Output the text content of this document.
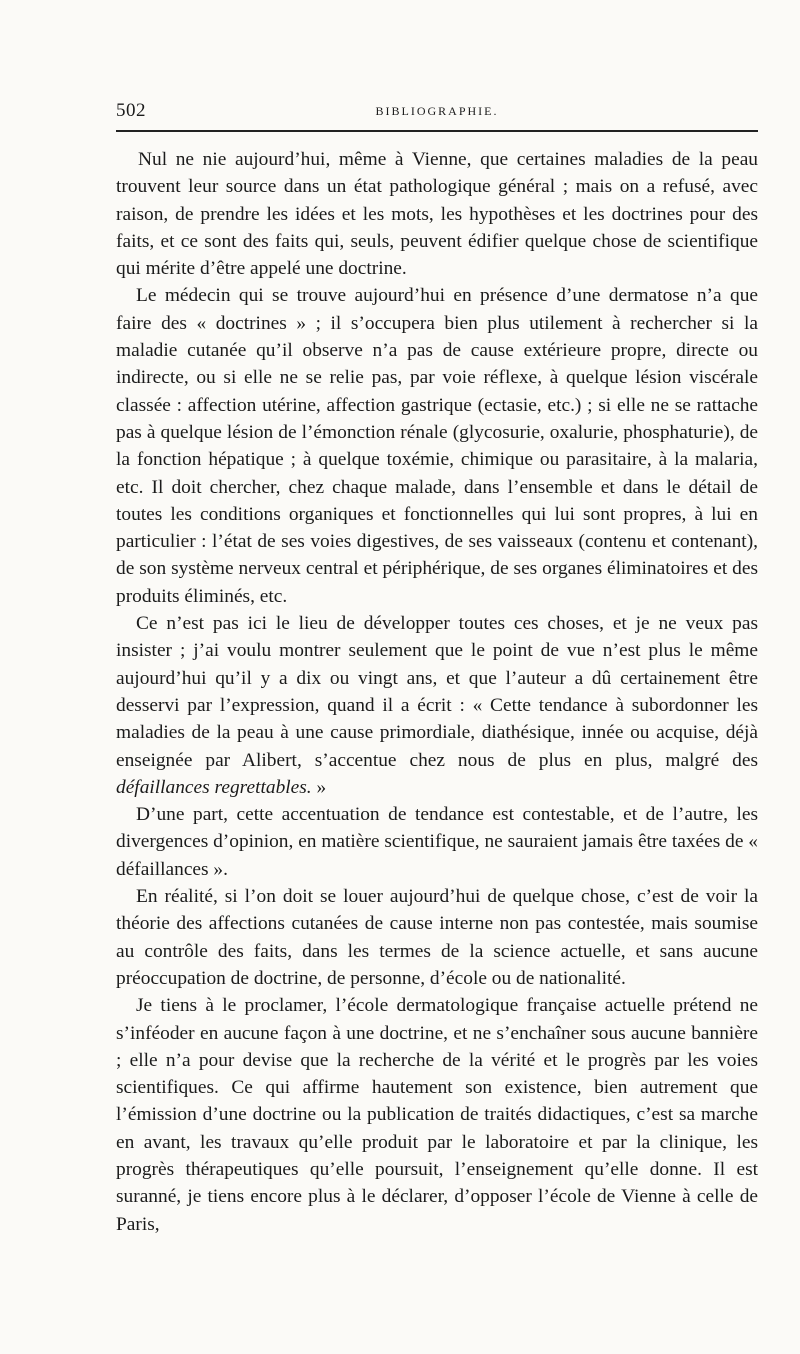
502	BIBLIOGRAPHIE.

Nul ne nie aujourd’hui, même à Vienne, que certaines maladies de la peau trouvent leur source dans un état pathologique général ; mais on a refusé, avec raison, de prendre les idées et les mots, les hypothèses et les doctrines pour des faits, et ce sont des faits qui, seuls, peuvent édifier quelque chose de scientifique qui mérite d’être appelé une doctrine.

Le médecin qui se trouve aujourd’hui en présence d’une dermatose n’a que faire des « doctrines » ; il s’occupera bien plus utilement à rechercher si la maladie cutanée qu’il observe n’a pas de cause extérieure propre, directe ou indirecte, ou si elle ne se relie pas, par voie réflexe, à quelque lésion viscérale classée : affection utérine, affection gastrique (ectasie, etc.) ; si elle ne se rattache pas à quelque lésion de l’émonction rénale (glycosurie, oxalurie, phosphaturie), de la fonction hépatique ; à quelque toxémie, chimique ou parasitaire, à la malaria, etc. Il doit chercher, chez chaque malade, dans l’ensemble et dans le détail de toutes les conditions organiques et fonctionnelles qui lui sont propres, à lui en particulier : l’état de ses voies digestives, de ses vaisseaux (contenu et contenant), de son système nerveux central et périphérique, de ses organes éliminatoires et des produits éliminés, etc.

Ce n’est pas ici le lieu de développer toutes ces choses, et je ne veux pas insister ; j’ai voulu montrer seulement que le point de vue n’est plus le même aujourd’hui qu’il y a dix ou vingt ans, et que l’auteur a dû certainement être desservi par l’expression, quand il a écrit : « Cette tendance à subordonner les maladies de la peau à une cause primordiale, diathésique, innée ou acquise, déjà enseignée par Alibert, s’accentue chez nous de plus en plus, malgré des défaillances regrettables. »

D’une part, cette accentuation de tendance est contestable, et de l’autre, les divergences d’opinion, en matière scientifique, ne sauraient jamais être taxées de « défaillances ».

En réalité, si l’on doit se louer aujourd’hui de quelque chose, c’est de voir la théorie des affections cutanées de cause interne non pas contestée, mais soumise au contrôle des faits, dans les termes de la science actuelle, et sans aucune préoccupation de doctrine, de personne, d’école ou de nationalité.

Je tiens à le proclamer, l’école dermatologique française actuelle prétend ne s’inféoder en aucune façon à une doctrine, et ne s’enchaîner sous aucune bannière ; elle n’a pour devise que la recherche de la vérité et le progrès par les voies scientifiques. Ce qui affirme hautement son existence, bien autrement que l’émission d’une doctrine ou la publication de traités didactiques, c’est sa marche en avant, les travaux qu’elle produit par le laboratoire et par la clinique, les progrès thérapeutiques qu’elle poursuit, l’enseignement qu’elle donne. Il est suranné, je tiens encore plus à le déclarer, d’opposer l’école de Vienne à celle de Paris,
